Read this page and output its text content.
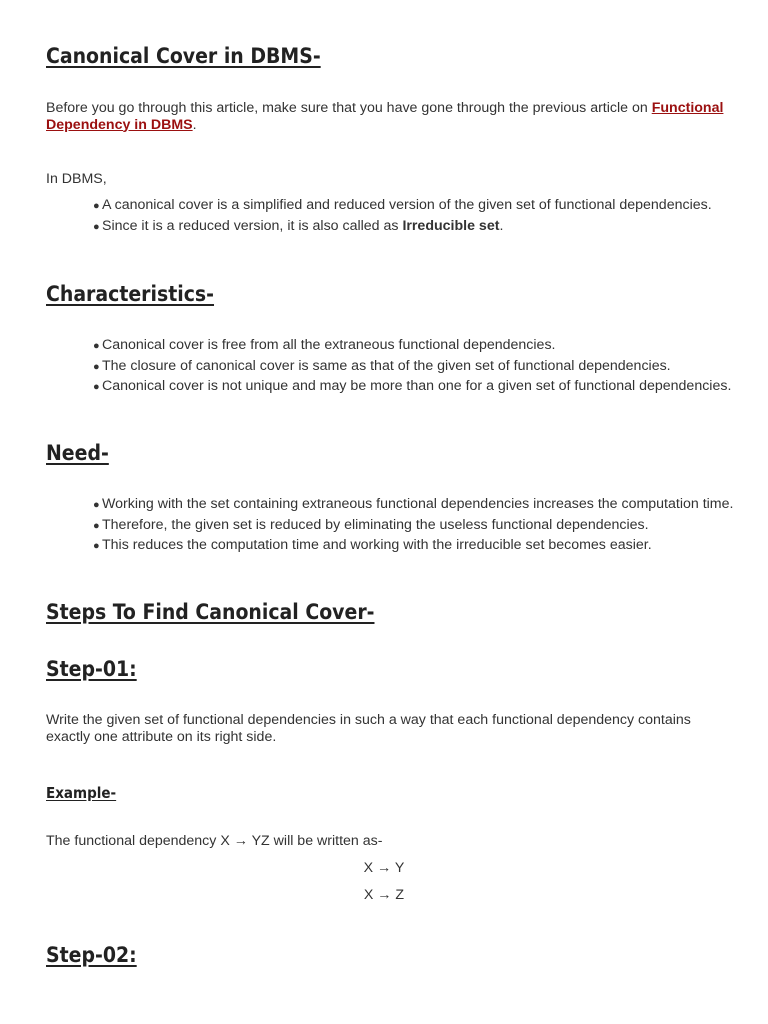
Canonical Cover in DBMS-

Before you go through this article, make sure that you have gone through the previous article on Functional Dependency in DBMS.

In DBMS,

● A canonical cover is a simplified and reduced version of the given set of functional dependencies.
● Since it is a reduced version, it is also called as Irreducible set.
Characteristics-
● Canonical cover is free from all the extraneous functional dependencies.
● The closure of canonical cover is same as that of the given set of functional dependencies.
● Canonical cover is not unique and may be more than one for a given set of functional dependencies.
Need-
● Working with the set containing extraneous functional dependencies increases the computation time.
● Therefore, the given set is reduced by eliminating the useless functional dependencies.
● This reduces the computation time and working with the irreducible set becomes easier.
Steps To Find Canonical Cover-
Step-01:

Write the given set of functional dependencies in such a way that each functional dependency contains exactly one attribute on its right side.

Example-

The functional dependency X → YZ will be written as-

X → Y

X → Z

Step-02:
